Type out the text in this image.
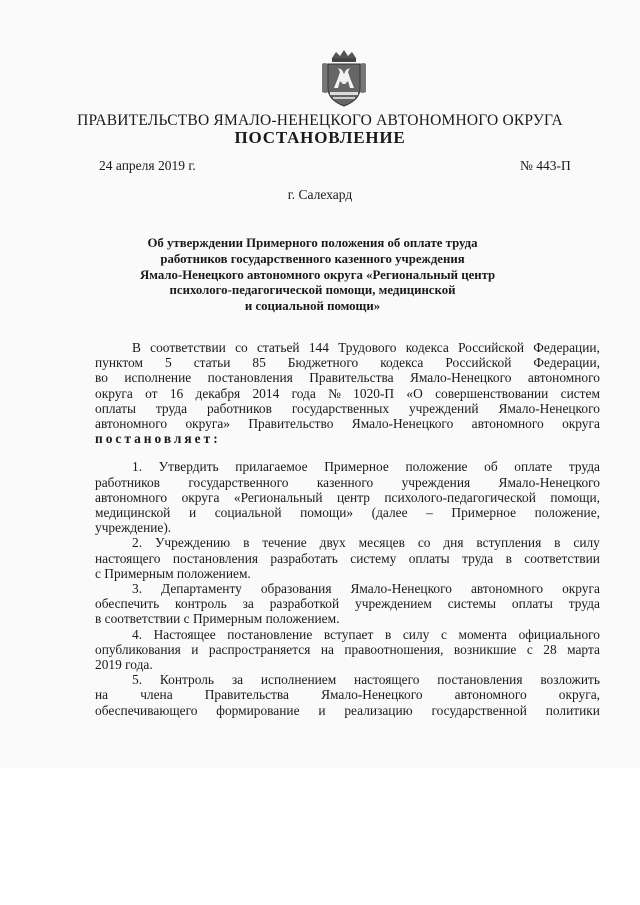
ПРАВИТЕЛЬСТВО ЯМАЛО-НЕНЕЦКОГО АВТОНОМНОГО ОКРУГА
ПОСТАНОВЛЕНИЕ
24 апреля 2019 г.	№ 443-П
г. Салехард
Об утверждении Примерного положения об оплате труда
работников государственного казенного учреждения
Ямало-Ненецкого автономного округа «Региональный центр
психолого-педагогической помощи, медицинской
и социальной помощи»
В соответствии со статьей 144 Трудового кодекса Российской Федерации,
пунктом 5 статьи 85 Бюджетного кодекса Российской Федерации,
во исполнение постановления Правительства Ямало-Ненецкого автономного
округа от 16 декабря 2014 года № 1020-П «О совершенствовании систем
оплаты труда работников государственных учреждений Ямало-Ненецкого
автономного округа» Правительство Ямало-Ненецкого автономного округа
постановляет:
1. Утвердить прилагаемое Примерное положение об оплате труда
работников государственного казенного учреждения Ямало-Ненецкого
автономного округа «Региональный центр психолого-педагогической помощи,
медицинской и социальной помощи» (далее – Примерное положение,
учреждение).
2. Учреждению в течение двух месяцев со дня вступления в силу
настоящего постановления разработать систему оплаты труда в соответствии
с Примерным положением.
3. Департаменту образования Ямало-Ненецкого автономного округа
обеспечить контроль за разработкой учреждением системы оплаты труда
в соответствии с Примерным положением.
4. Настоящее постановление вступает в силу с момента официального
опубликования и распространяется на правоотношения, возникшие с 28 марта
2019 года.
5. Контроль за исполнением настоящего постановления возложить
на члена Правительства Ямало-Ненецкого автономного округа,
обеспечивающего формирование и реализацию государственной политики
